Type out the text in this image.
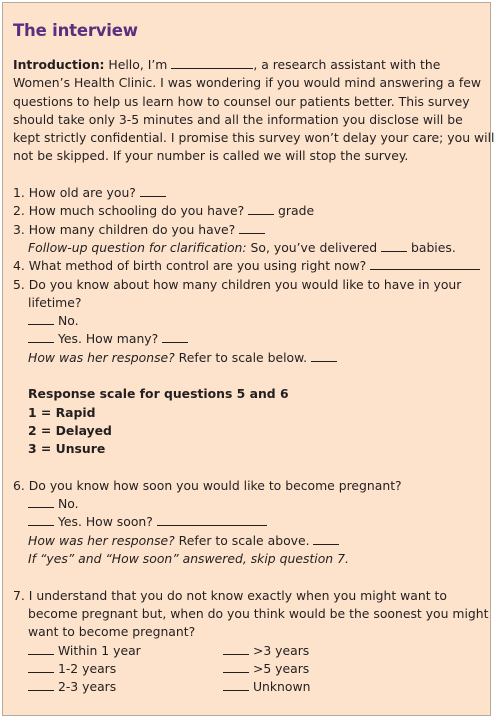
The interview
Introduction: Hello, I’m	, a research assistant with the
Women’s Health Clinic. I was wondering if you would mind answering a few
questions to help us learn how to counsel our patients better. This survey
should take only 3-5 minutes and all the information you disclose will be
kept strictly confidential. I promise this survey won’t delay your care; you will
not be skipped. If your number is called we will stop the survey.
1. How old are you?
2. How much schooling do you have?  grade
3. How many children do you have?
Follow-up question for clarification: So, you’ve delivered  babies.
4. What method of birth control are you using right now?
5. Do you know about how many children you would like to have in your
lifetime?
No.
Yes. How many?
How was her response? Refer to scale below.
Response scale for questions 5 and 6
1 = Rapid
2 = Delayed
3 = Unsure
6. Do you know how soon you would like to become pregnant?
No.
Yes. How soon?
How was her response? Refer to scale above.
If “yes” and “How soon” answered, skip question 7.
7. I understand that you do not know exactly when you might want to
become pregnant but, when do you think would be the soonest you might
want to become pregnant?
Within 1 year
1-2 years
2-3 years
>3 years
>5 years
Unknown
